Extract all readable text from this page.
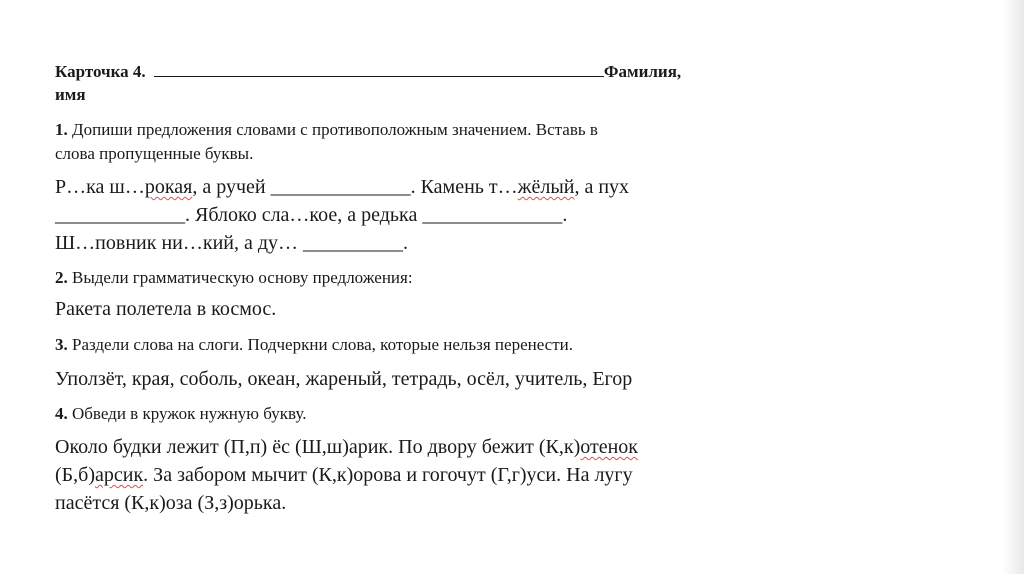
Карточка 4.	Фамилия,
имя
1. Допиши предложения словами с противоположным значением. Вставь в
слова пропущенные буквы.
Р…ка ш…рокая, а ручей ______________. Камень т…жёлый, а пух
_____________. Яблоко сла…кое, а редька ______________.
Ш…повник ни…кий, а ду… __________.
2. Выдели грамматическую основу предложения:
Ракета полетела в космос.
3. Раздели слова на слоги. Подчеркни слова, которые нельзя перенести.
Уползёт, края, соболь, океан, жареный, тетрадь, осёл, учитель, Егор
4. Обведи в кружок нужную букву.
Около будки лежит (П,п) ёс (Ш,ш)арик. По двору бежит (К,к)отенок
(Б,б)арсик. За забором мычит (К,к)орова и гогочут (Г,г)уси. На лугу
пасётся (К,к)оза (З,з)орька.
